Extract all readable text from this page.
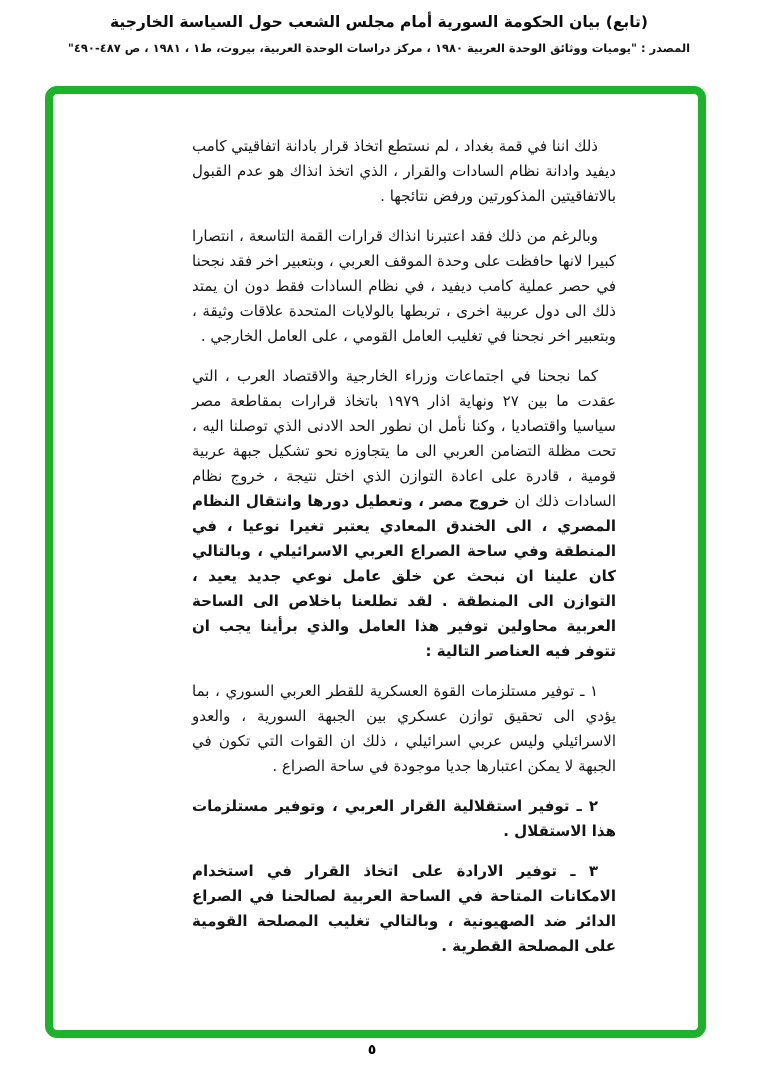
(تابع) بيان الحكومة السورية أمام مجلس الشعب حول السياسة الخارجية
المصدر : "يوميات ووثائق الوحدة العربية ١٩٨٠ ، مركز دراسات الوحدة العربية، بيروت، ط١ ، ١٩٨١ ، ص ٤٨٧-٤٩٠"

ذلك اننا في قمة بغداد ، لم نستطع اتخاذ قرار بادانة اتفاقيتي كامب ديفيد وادانة نظام السادات والقرار ، الذي اتخذ انذاك هو عدم القبول بالاتفاقيتين المذكورتين ورفض نتائجها .

وبالرغم من ذلك فقد اعتبرنا انذاك قرارات القمة التاسعة ، انتصارا كبيرا لانها حافظت على وحدة الموقف العربي ، وبتعبير اخر فقد نجحنا في حصر عملية كامب ديفيد ، في نظام السادات فقط دون ان يمتد ذلك الى دول عربية اخرى ، تربطها بالولايات المتحدة علاقات وثيقة ، وبتعبير اخر نجحنا في تغليب العامل القومي ، على العامل الخارجي .

كما نجحنا في اجتماعات وزراء الخارجية والاقتصاد العرب ، التي عقدت ما بين ٢٧ ونهاية اذار ١٩٧٩ باتخاذ قرارات بمقاطعة مصر سياسيا واقتصاديا ، وكنا نأمل ان نطور الحد الادنى الذي توصلنا اليه ، تحت مظلة التضامن العربي الى ما يتجاوزه نحو تشكيل جبهة عربية قومية ، قادرة على اعادة التوازن الذي اختل نتيجة ، خروج نظام السادات ذلك ان خروج مصر ، وتعطيل دورها وانتقال النظام المصري ، الى الخندق المعادي يعتبر تغيرا نوعيا ، في المنطقة وفي ساحة الصراع العربي الاسرائيلي ، وبالتالي كان علينا ان نبحث عن خلق عامل نوعي جديد يعيد ، التوازن الى المنطقة . لقد تطلعنا باخلاص الى الساحة العربية محاولين توفير هذا العامل والذي برأينا يجب ان تتوفر فيه العناصر التالية :

١ ـ توفير مستلزمات القوة العسكرية للقطر العربي السوري ، بما يؤدي الى تحقيق توازن عسكري بين الجبهة السورية ، والعدو الاسرائيلي وليس عربي اسرائيلي ، ذلك ان القوات التي تكون في الجبهة لا يمكن اعتبارها جديا موجودة في ساحة الصراع .

٢ ـ توفير استقلالية القرار العربي ، وتوفير مستلزمات هذا الاستقلال .

٣ ـ توفير الارادة على اتخاذ القرار في استخدام الامكانات المتاحة في الساحة العربية لصالحنا في الصراع الدائر ضد الصهيونية ، وبالتالي تغليب المصلحة القومية على المصلحة القطرية .

٥
